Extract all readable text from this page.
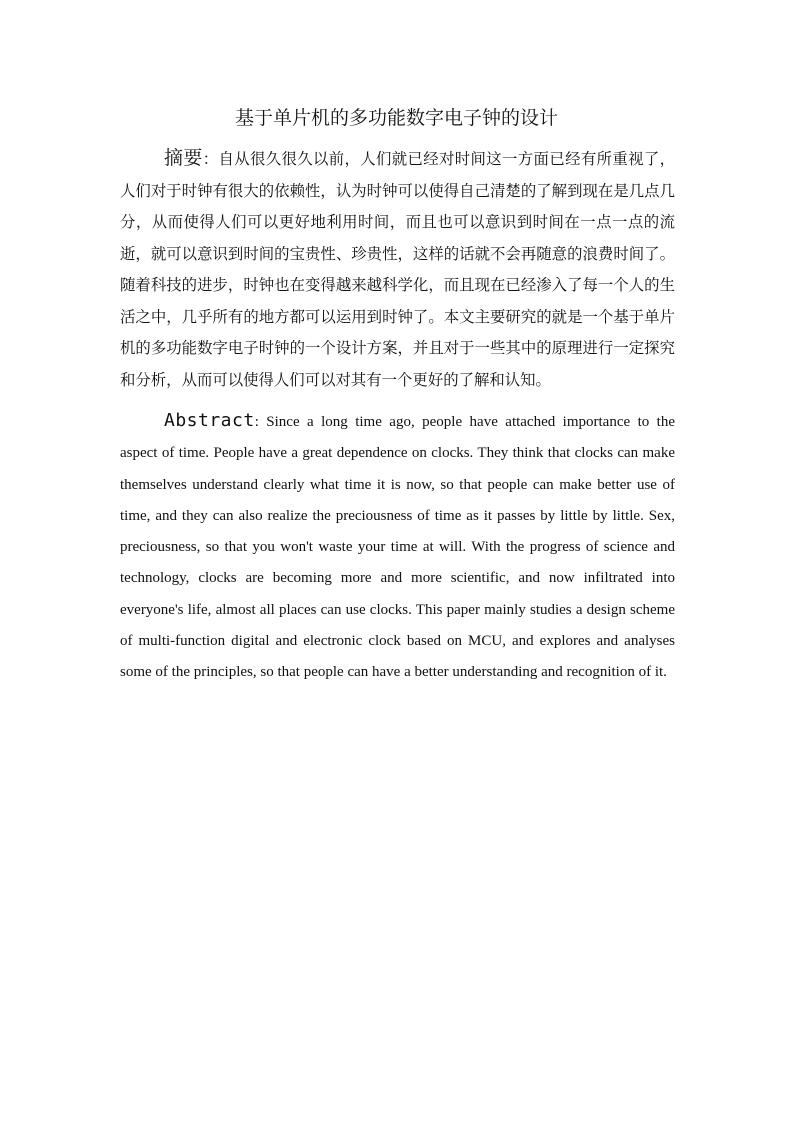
基于单片机的多功能数字电子钟的设计

摘要：自从很久很久以前，人们就已经对时间这一方面已经有所重视了，人们对于时钟有很大的依赖性，认为时钟可以使得自己清楚的了解到现在是几点几分，从而使得人们可以更好地利用时间，而且也可以意识到时间在一点一点的流逝，就可以意识到时间的宝贵性、珍贵性，这样的话就不会再随意的浪费时间了。随着科技的进步，时钟也在变得越来越科学化，而且现在已经渗入了每一个人的生活之中，几乎所有的地方都可以运用到时钟了。本文主要研究的就是一个基于单片机的多功能数字电子时钟的一个设计方案，并且对于一些其中的原理进行一定探究和分析，从而可以使得人们可以对其有一个更好的了解和认知。

Abstract: Since a long time ago, people have attached importance to the aspect of time. People have a great dependence on clocks. They think that clocks can make themselves understand clearly what time it is now, so that people can make better use of time, and they can also realize the preciousness of time as it passes by little by little. Sex, preciousness, so that you won't waste your time at will. With the progress of science and technology, clocks are becoming more and more scientific, and now infiltrated into everyone's life, almost all places can use clocks. This paper mainly studies a design scheme of multi-function digital and electronic clock based on MCU, and explores and analyses some of the principles, so that people can have a better understanding and recognition of it.
